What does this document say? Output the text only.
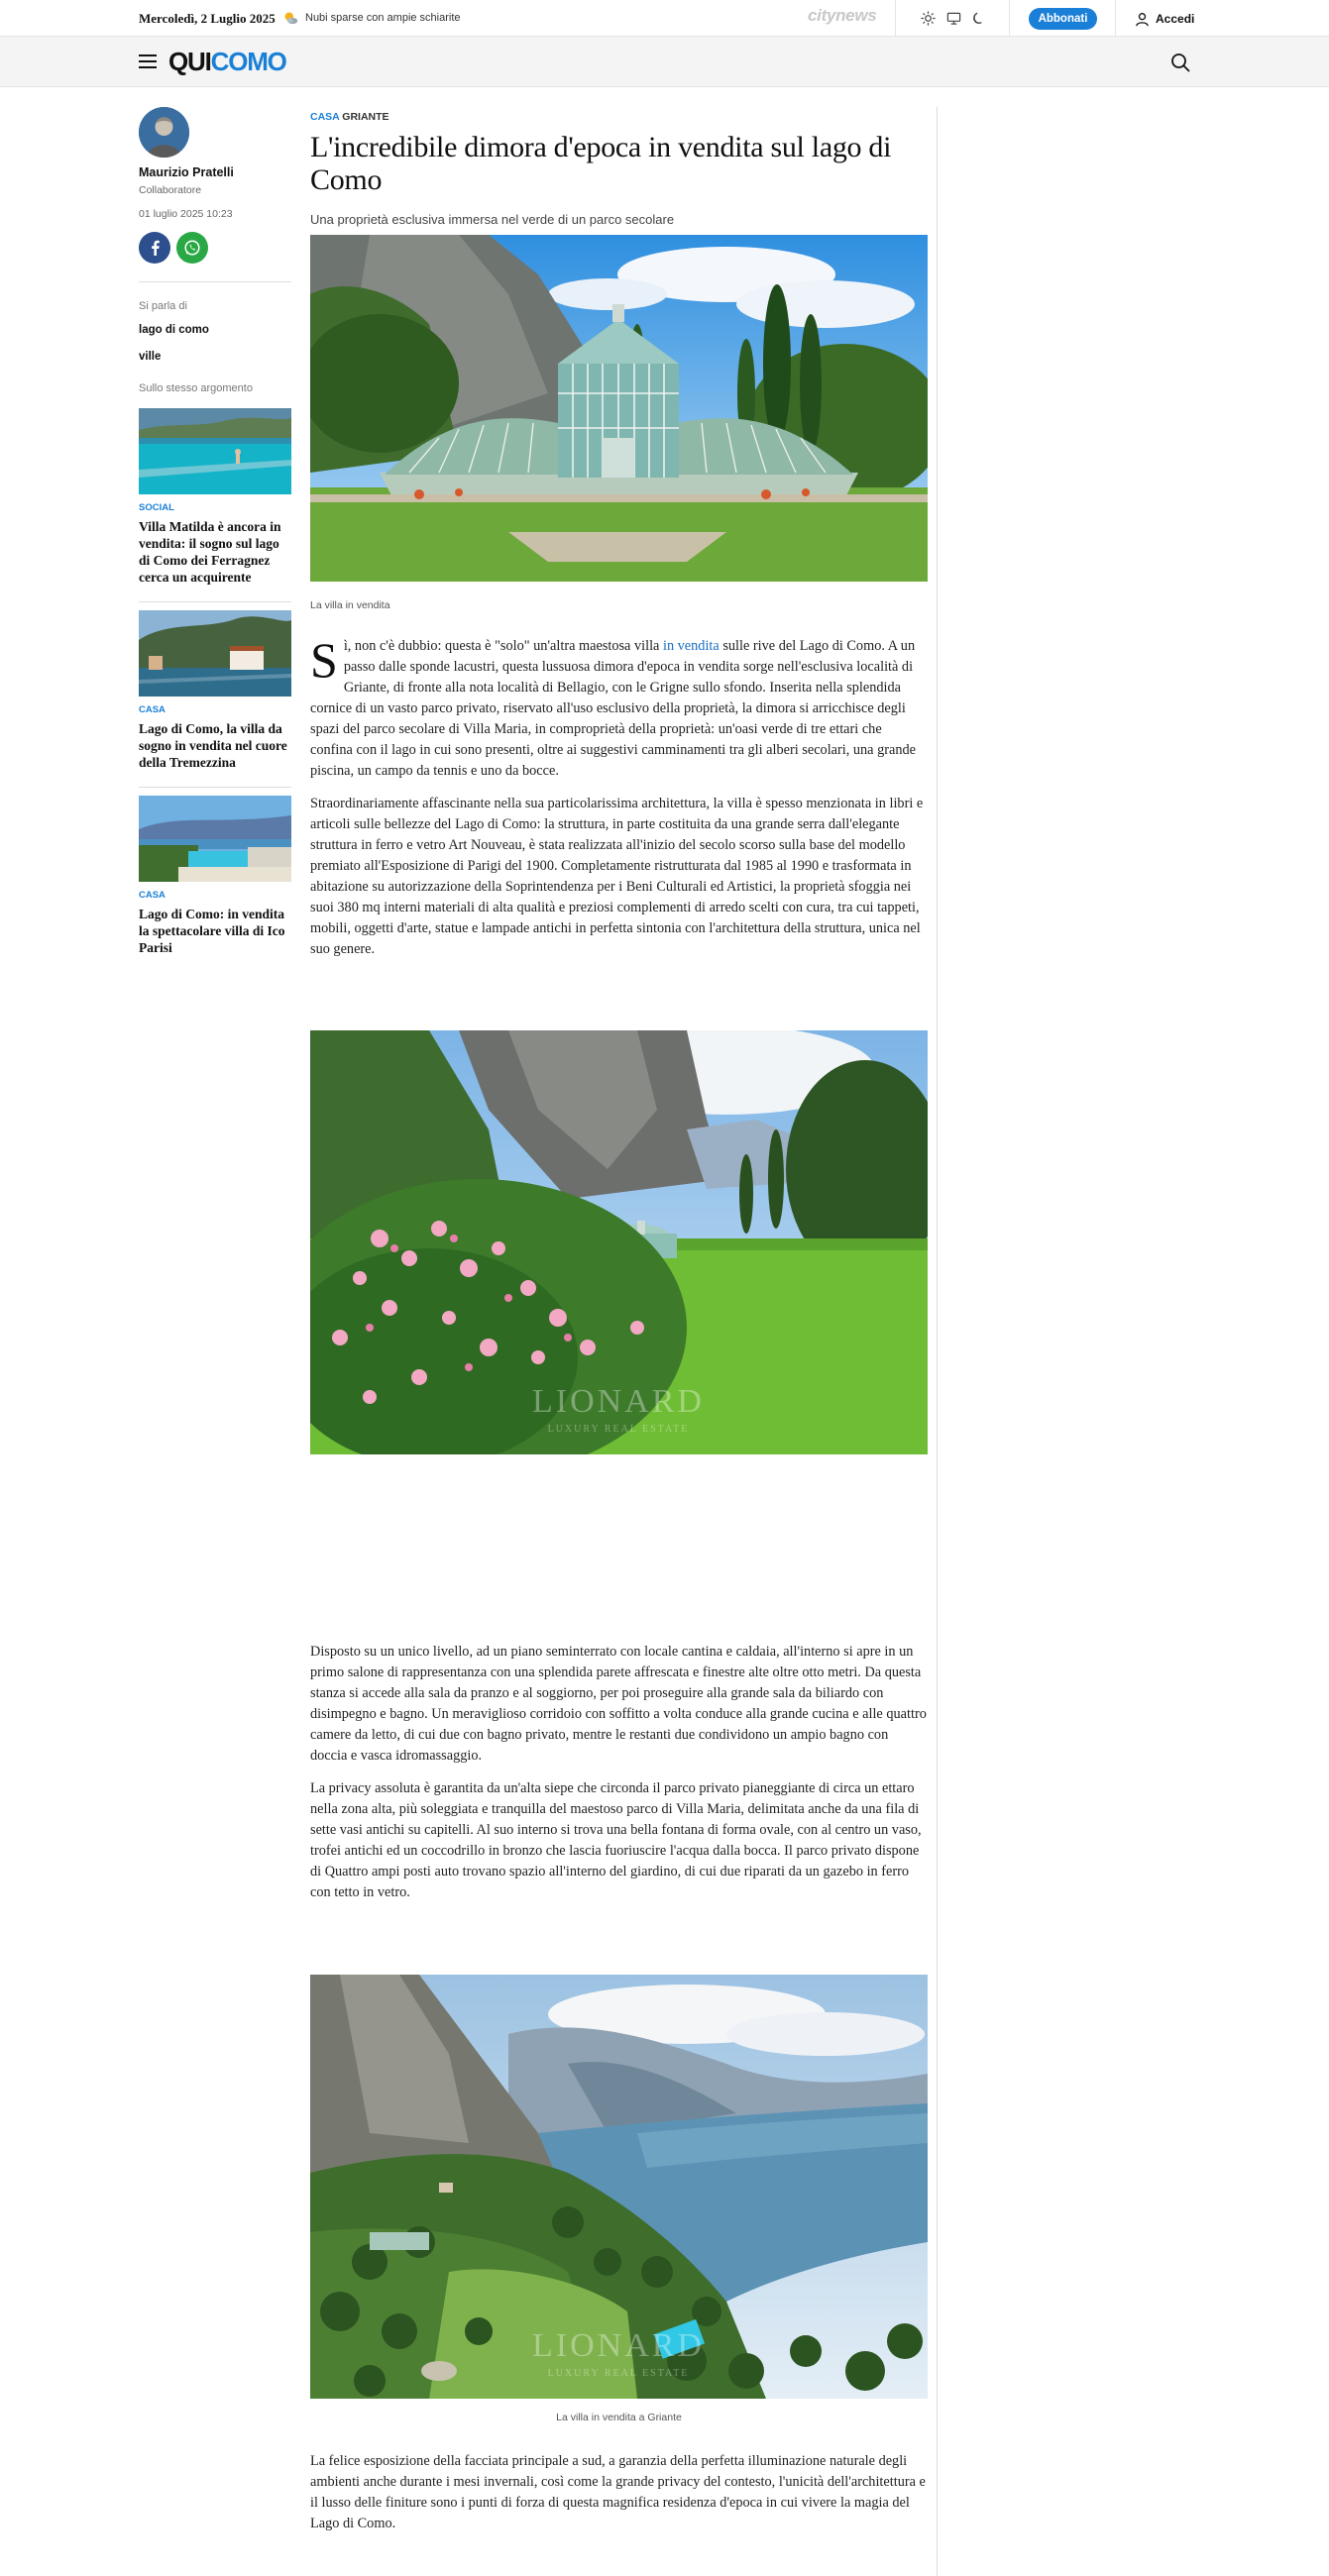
Mercoledì, 2 Luglio 2025	Nubi sparse con ampie schiarite	citynews	Abbonati	Accedi
QUICOMO
Maurizio Pratelli
Collaboratore
01 luglio 2025 10:23
Si parla di
lago di como
ville
Sullo stesso argomento
SOCIAL
Villa Matilda è ancora in vendita: il sogno sul lago di Como dei Ferragnez cerca un acquirente
CASA
Lago di Como, la villa da sogno in vendita nel cuore della Tremezzina
CASA
Lago di Como: in vendita la spettacolare villa di Ico Parisi
CASA GRIANTE
L'incredibile dimora d'epoca in vendita sul lago di Como
Una proprietà esclusiva immersa nel verde di un parco secolare
La villa in vendita

Sì, non c'è dubbio: questa è "solo" un'altra maestosa villa in vendita sulle rive del Lago di Como. A un passo dalle sponde lacustri, questa lussuosa dimora d'epoca in vendita sorge nell'esclusiva località di Griante, di fronte alla nota località di Bellagio, con le Grigne sullo sfondo. Inserita nella splendida cornice di un vasto parco privato, riservato all'uso esclusivo della proprietà, la dimora si arricchisce degli spazi del parco secolare di Villa Maria, in comproprietà della proprietà: un'oasi verde di tre ettari che confina con il lago in cui sono presenti, oltre ai suggestivi camminamenti tra gli alberi secolari, una grande piscina, un campo da tennis e uno da bocce.

Straordinariamente affascinante nella sua particolarissima architettura, la villa è spesso menzionata in libri e articoli sulle bellezze del Lago di Como: la struttura, in parte costituita da una grande serra dall'elegante struttura in ferro e vetro Art Nouveau, è stata realizzata all'inizio del secolo scorso sulla base del modello premiato all'Esposizione di Parigi del 1900. Completamente ristrutturata dal 1985 al 1990 e trasformata in abitazione su autorizzazione della Soprintendenza per i Beni Culturali ed Artistici, la proprietà sfoggia nei suoi 380 mq interni materiali di alta qualità e preziosi complementi di arredo scelti con cura, tra cui tappeti, mobili, oggetti d'arte, statue e lampade antichi in perfetta sintonia con l'architettura della struttura, unica nel suo genere.

LIONARD
LUXURY REAL ESTATE

Disposto su un unico livello, ad un piano seminterrato con locale cantina e caldaia, all'interno si apre in un primo salone di rappresentanza con una splendida parete affrescata e finestre alte oltre otto metri. Da questa stanza si accede alla sala da pranzo e al soggiorno, per poi proseguire alla grande sala da biliardo con disimpegno e bagno. Un meraviglioso corridoio con soffitto a volta conduce alla grande cucina e alle quattro camere da letto, di cui due con bagno privato, mentre le restanti due condividono un ampio bagno con doccia e vasca idromassaggio.

La privacy assoluta è garantita da un'alta siepe che circonda il parco privato pianeggiante di circa un ettaro nella zona alta, più soleggiata e tranquilla del maestoso parco di Villa Maria, delimitata anche da una fila di sette vasi antichi su capitelli. Al suo interno si trova una bella fontana di forma ovale, con al centro un vaso, trofei antichi ed un coccodrillo in bronzo che lascia fuoriuscire l'acqua dalla bocca. Il parco privato dispone di Quattro ampi posti auto trovano spazio all'interno del giardino, di cui due riparati da un gazebo in ferro con tetto in vetro.

LIONARD
LUXURY REAL ESTATE
La villa in vendita a Griante

La felice esposizione della facciata principale a sud, a garanzia della perfetta illuminazione naturale degli ambienti anche durante i mesi invernali, così come la grande privacy del contesto, l'unicità dell'architettura e il lusso delle finiture sono i punti di forza di questa magnifica residenza d'epoca in cui vivere la magia del Lago di Como.
